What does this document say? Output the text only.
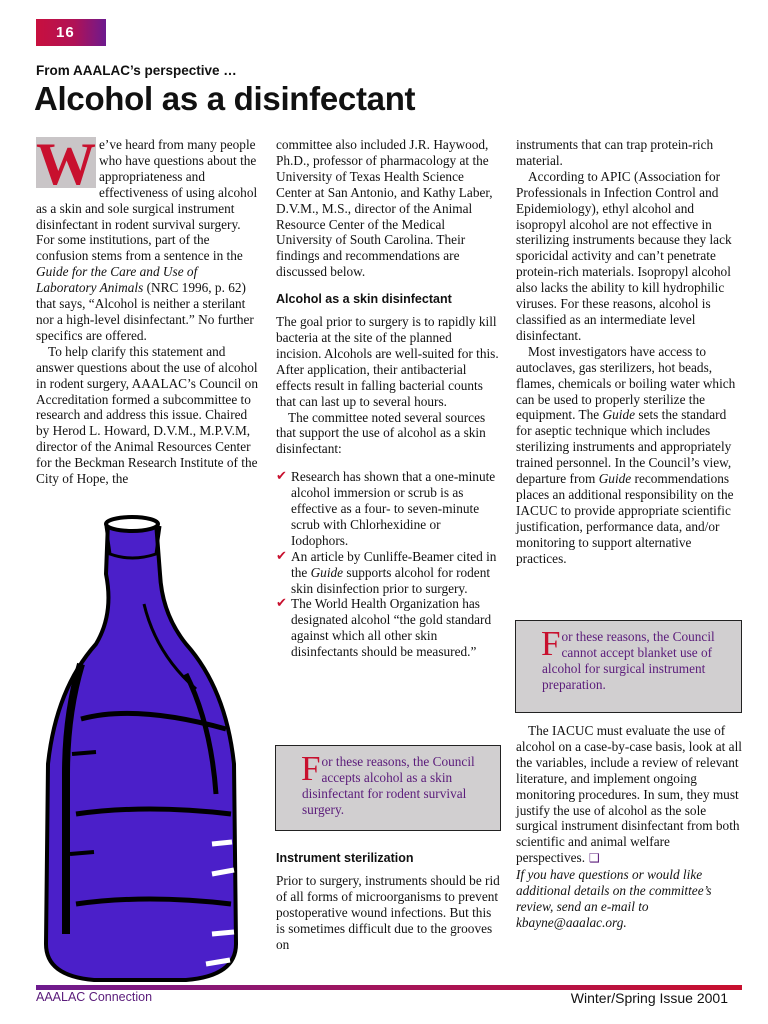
16
From AAALAC’s perspective …
Alcohol as a disinfectant

W e’ve heard from many people who have questions about the appropriateness and effectiveness of using alcohol as a skin and sole surgical instrument disinfectant in rodent survival surgery. For some institutions, part of the confusion stems from a sentence in the Guide for the Care and Use of Laboratory Animals (NRC 1996, p. 62) that says, “Alcohol is neither a sterilant nor a high-level disinfectant.” No further specifics are offered.

To help clarify this statement and answer questions about the use of alcohol in rodent surgery, AAALAC’s Council on Accreditation formed a subcommittee to research and address this issue. Chaired by Herod L. Howard, D.V.M., M.P.V.M, director of the Animal Resources Center for the Beckman Research Institute of the City of Hope, the

committee also included J.R. Haywood, Ph.D., professor of pharmacology at the University of Texas Health Science Center at San Antonio, and Kathy Laber, D.V.M., M.S., director of the Animal Resource Center of the Medical University of South Carolina. Their findings and recommendations are discussed below.

Alcohol as a skin disinfectant

The goal prior to surgery is to rapidly kill bacteria at the site of the planned incision. Alcohols are well-suited for this. After application, their antibacterial effects result in falling bacterial counts that can last up to several hours.

The committee noted several sources that support the use of alcohol as a skin disinfectant:

✔ Research has shown that a one-minute alcohol immersion or scrub is as effective as a four- to seven-minute scrub with Chlorhexidine or Iodophors.
✔ An article by Cunliffe-Beamer cited in the Guide supports alcohol for rodent skin disinfection prior to surgery.
✔ The World Health Organization has designated alcohol “the gold standard against which all other skin disinfectants should be measured.”
For these reasons, the Council accepts alcohol as a skin disinfectant for rodent survival surgery.
Instrument sterilization

Prior to surgery, instruments should be rid of all forms of microorganisms to prevent postoperative wound infections. But this is sometimes difficult due to the grooves on

instruments that can trap protein-rich material.

According to APIC (Association for Professionals in Infection Control and Epidemiology), ethyl alcohol and isopropyl alcohol are not effective in sterilizing instruments because they lack sporicidal activity and can’t penetrate protein-rich materials. Isopropyl alcohol also lacks the ability to kill hydrophilic viruses. For these reasons, alcohol is classified as an intermediate level disinfectant.

Most investigators have access to autoclaves, gas sterilizers, hot beads, flames, chemicals or boiling water which can be used to properly sterilize the equipment. The Guide sets the standard for aseptic technique which includes sterilizing instruments and appropriately trained personnel. In the Council’s view, departure from Guide recommendations places an additional responsibility on the IACUC to provide appropriate scientific justification, performance data, and/or monitoring to support alternative practices.

For these reasons, the Council cannot accept blanket use of alcohol for surgical instrument preparation.

The IACUC must evaluate the use of alcohol on a case-by-case basis, look at all the variables, include a review of relevant literature, and implement ongoing monitoring procedures. In sum, they must justify the use of alcohol as the sole surgical instrument disinfectant from both scientific and animal welfare perspectives. ❑

If you have questions or would like additional details on the committee’s review, send an e-mail to kbayne@aaalac.org.

AAALAC Connection	Winter/Spring Issue 2001
